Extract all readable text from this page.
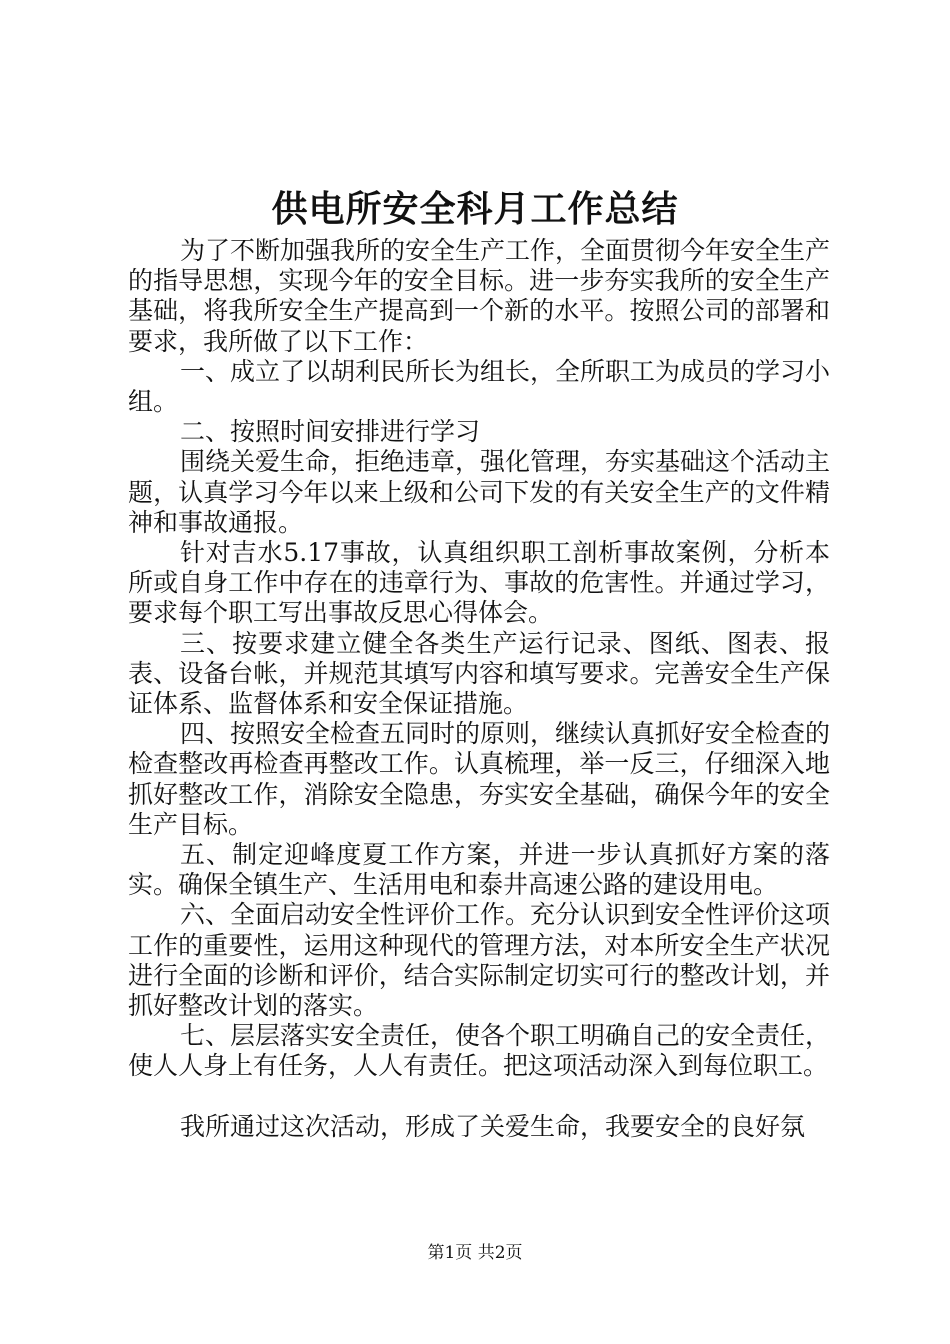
供电所安全科月工作总结

为了不断加强我所的安全生产工作，全面贯彻今年安全生产的指导思想，实现今年的安全目标。进一步夯实我所的安全生产基础，将我所安全生产提高到一个新的水平。按照公司的部署和要求，我所做了以下工作：

一、成立了以胡利民所长为组长，全所职工为成员的学习小组。

二、按照时间安排进行学习

围绕关爱生命，拒绝违章，强化管理，夯实基础这个活动主题，认真学习今年以来上级和公司下发的有关安全生产的文件精神和事故通报。

针对吉水5.17事故，认真组织职工剖析事故案例，分析本所或自身工作中存在的违章行为、事故的危害性。并通过学习，要求每个职工写出事故反思心得体会。

三、按要求建立健全各类生产运行记录、图纸、图表、报表、设备台帐，并规范其填写内容和填写要求。完善安全生产保证体系、监督体系和安全保证措施。

四、按照安全检查五同时的原则，继续认真抓好安全检查的检查整改再检查再整改工作。认真梳理，举一反三，仔细深入地抓好整改工作，消除安全隐患，夯实安全基础，确保今年的安全生产目标。

五、制定迎峰度夏工作方案，并进一步认真抓好方案的落实。确保全镇生产、生活用电和泰井高速公路的建设用电。

六、全面启动安全性评价工作。充分认识到安全性评价这项工作的重要性，运用这种现代的管理方法，对本所安全生产状况进行全面的诊断和评价，结合实际制定切实可行的整改计划，并抓好整改计划的落实。

七、层层落实安全责任，使各个职工明确自己的安全责任，使人人身上有任务，人人有责任。把这项活动深入到每位职工。

我所通过这次活动，形成了关爱生命，我要安全的良好氛

第1页 共2页
